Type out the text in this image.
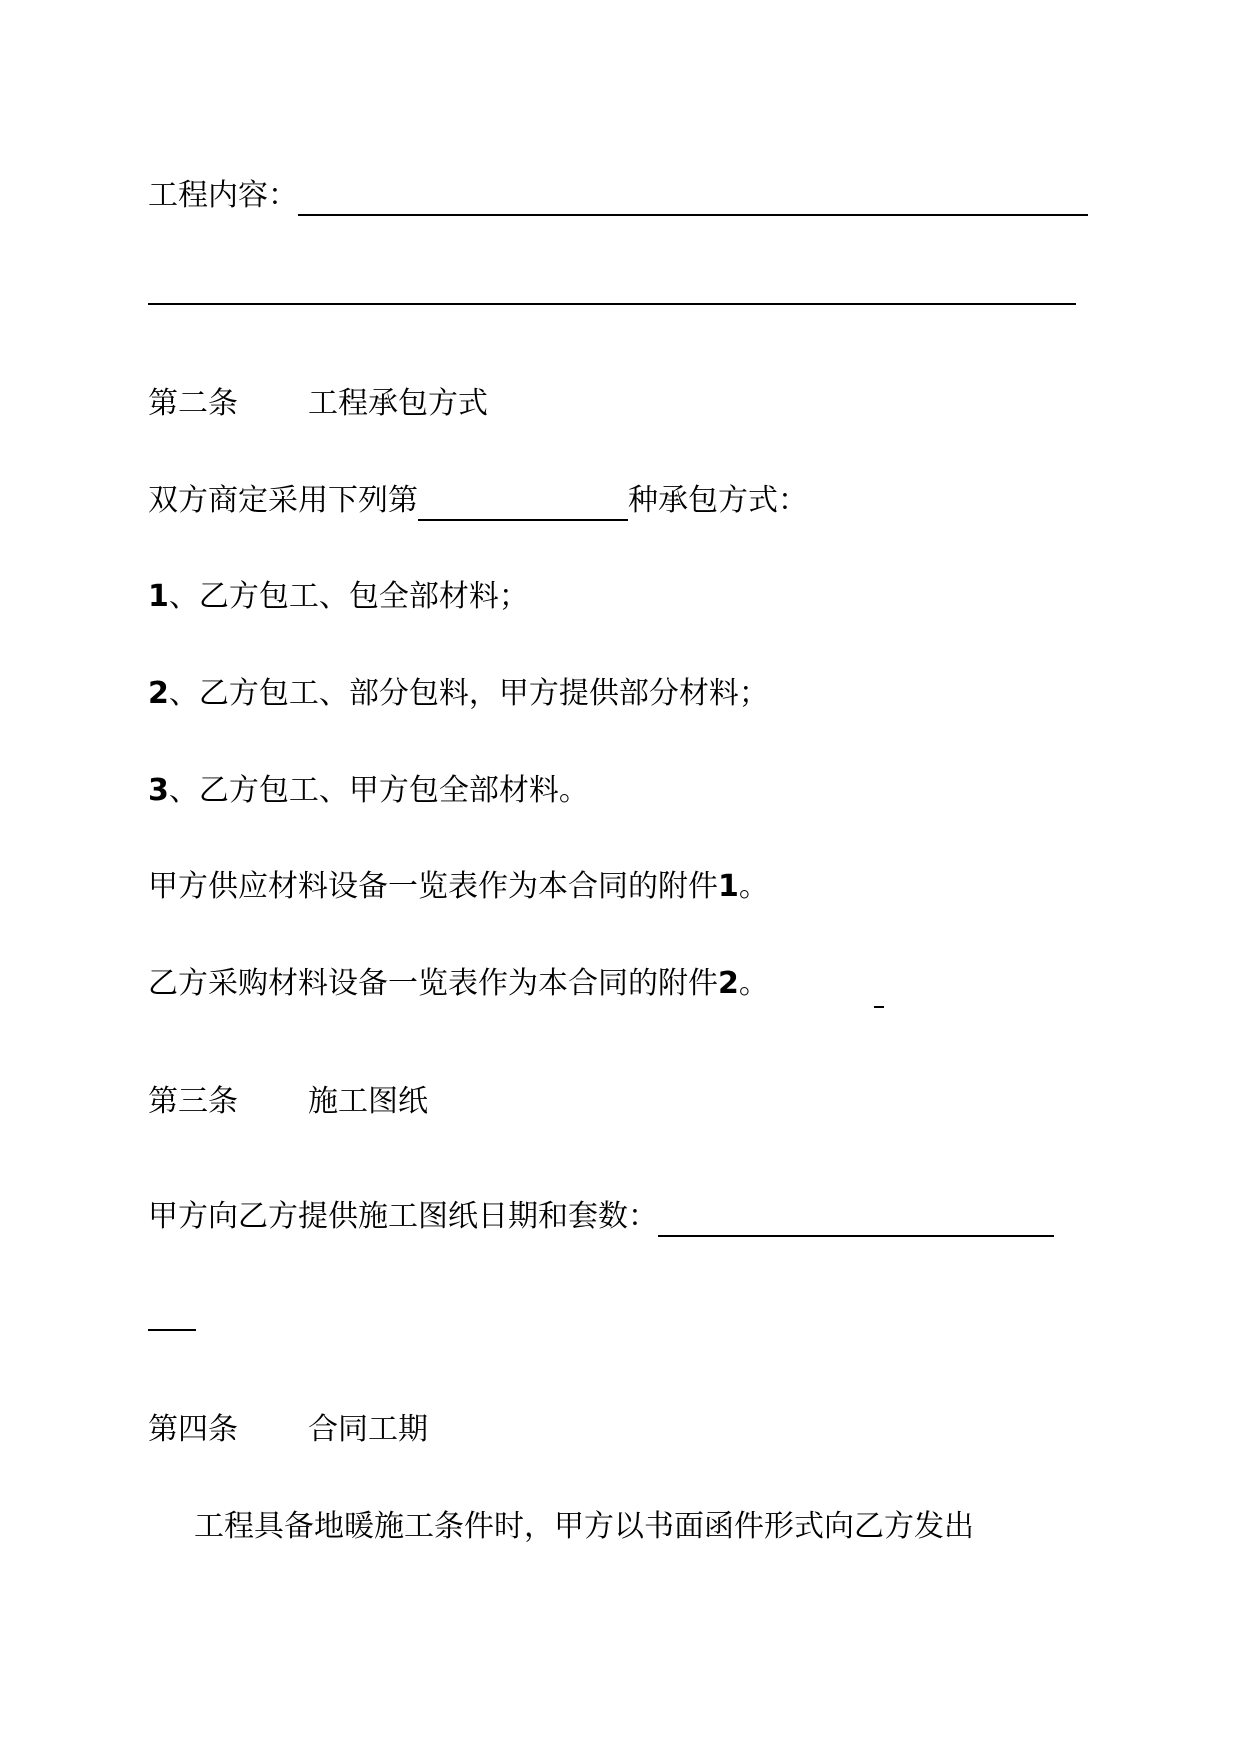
工程内容：
第二条 工程承包方式
双方商定采用下列第	种承包方式：
1、乙方包工、包全部材料；
2、乙方包工、部分包料，甲方提供部分材料；
3、乙方包工、甲方包全部材料。
甲方供应材料设备一览表作为本合同的附件1。
乙方采购材料设备一览表作为本合同的附件2。
第三条 施工图纸
甲方向乙方提供施工图纸日期和套数：
第四条 合同工期
工程具备地暖施工条件时，甲方以书面函件形式向乙方发出
